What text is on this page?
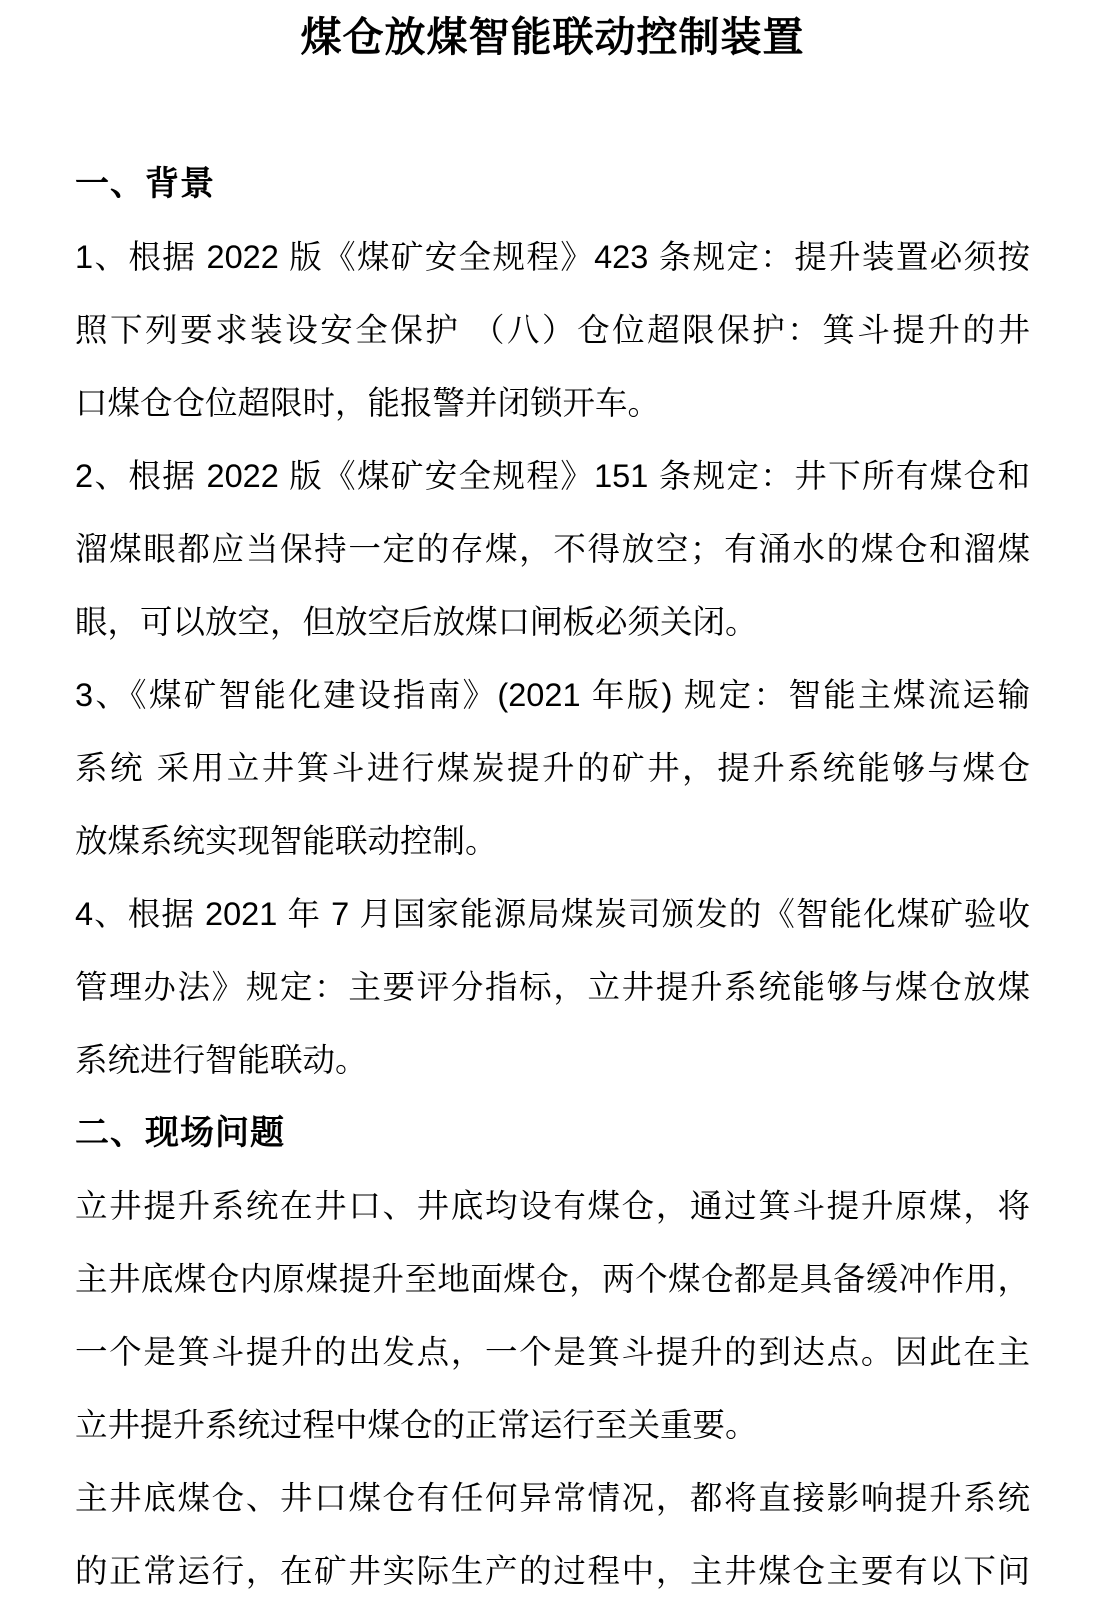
煤仓放煤智能联动控制装置
一、背景
1、根据 2022 版《煤矿安全规程》423 条规定：提升装置必须按
照下列要求装设安全保护 （八）仓位超限保护：箕斗提升的井
口煤仓仓位超限时，能报警并闭锁开车。
2、根据 2022 版《煤矿安全规程》151 条规定：井下所有煤仓和
溜煤眼都应当保持一定的存煤，不得放空；有涌水的煤仓和溜煤
眼，可以放空，但放空后放煤口闸板必须关闭。
3、《煤矿智能化建设指南》(2021 年版) 规定：智能主煤流运输
系统 采用立井箕斗进行煤炭提升的矿井，提升系统能够与煤仓
放煤系统实现智能联动控制。
4、根据 2021 年 7 月国家能源局煤炭司颁发的《智能化煤矿验收
管理办法》规定：主要评分指标，立井提升系统能够与煤仓放煤
系统进行智能联动。
二、现场问题
立井提升系统在井口、井底均设有煤仓，通过箕斗提升原煤，将
主井底煤仓内原煤提升至地面煤仓，两个煤仓都是具备缓冲作用，
一个是箕斗提升的出发点，一个是箕斗提升的到达点。因此在主
立井提升系统过程中煤仓的正常运行至关重要。
主井底煤仓、井口煤仓有任何异常情况，都将直接影响提升系统
的正常运行，在矿井实际生产的过程中，主井煤仓主要有以下问
